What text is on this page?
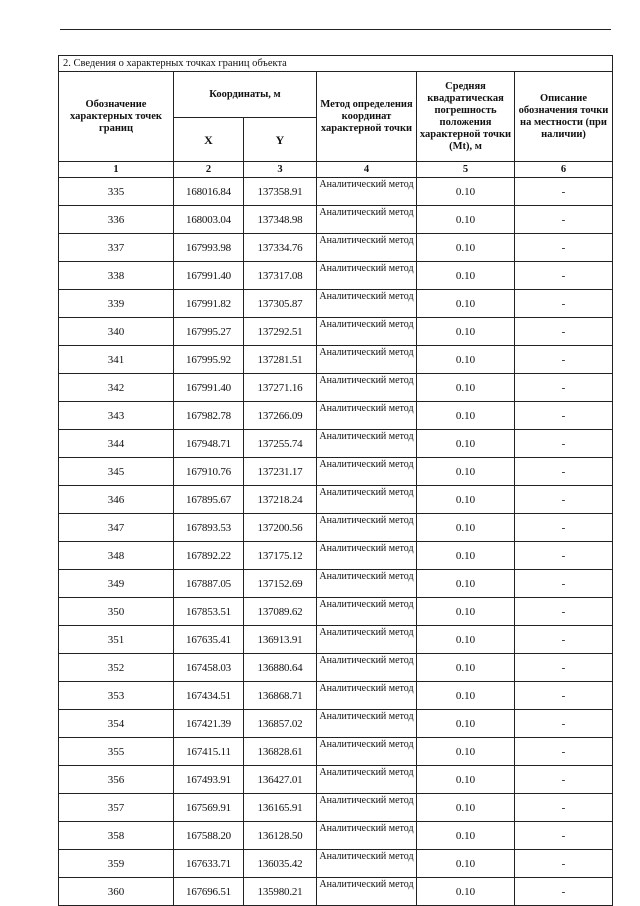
2. Сведения о характерных точках границ объекта					
Обозначение характерных точек границ	Координаты, м		Метод определения координат характерной точки	Средняя квадратическая погрешность положения характерной точки (Mt), м	Описание обозначения точки на местности (при наличии)
	X	Y			
1	2	3	4	5	6
335	168016.84	137358.91	Аналитический метод	0.10	-
336	168003.04	137348.98	Аналитический метод	0.10	-
337	167993.98	137334.76	Аналитический метод	0.10	-
338	167991.40	137317.08	Аналитический метод	0.10	-
339	167991.82	137305.87	Аналитический метод	0.10	-
340	167995.27	137292.51	Аналитический метод	0.10	-
341	167995.92	137281.51	Аналитический метод	0.10	-
342	167991.40	137271.16	Аналитический метод	0.10	-
343	167982.78	137266.09	Аналитический метод	0.10	-
344	167948.71	137255.74	Аналитический метод	0.10	-
345	167910.76	137231.17	Аналитический метод	0.10	-
346	167895.67	137218.24	Аналитический метод	0.10	-
347	167893.53	137200.56	Аналитический метод	0.10	-
348	167892.22	137175.12	Аналитический метод	0.10	-
349	167887.05	137152.69	Аналитический метод	0.10	-
350	167853.51	137089.62	Аналитический метод	0.10	-
351	167635.41	136913.91	Аналитический метод	0.10	-
352	167458.03	136880.64	Аналитический метод	0.10	-
353	167434.51	136868.71	Аналитический метод	0.10	-
354	167421.39	136857.02	Аналитический метод	0.10	-
355	167415.11	136828.61	Аналитический метод	0.10	-
356	167493.91	136427.01	Аналитический метод	0.10	-
357	167569.91	136165.91	Аналитический метод	0.10	-
358	167588.20	136128.50	Аналитический метод	0.10	-
359	167633.71	136035.42	Аналитический метод	0.10	-
360	167696.51	135980.21	Аналитический метод	0.10	-
